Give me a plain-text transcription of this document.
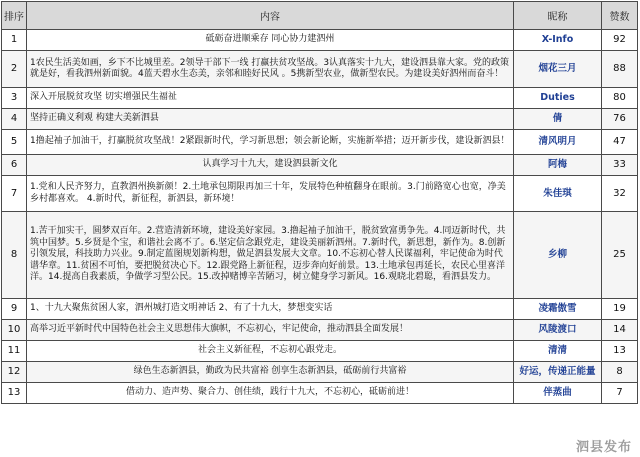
排序	内容	昵称	赞数
1	砥砺奋进顺乘存 同心协力建泗州	X-Info	92
2	1农民生活美如画，乡下不比城里差。2领导干部下一线 打赢扶贫攻坚战。3认真落实十九大，建设泗县靠大家。党的政策就是好，看我泗州新面貌。4蓝天碧水生态美，亲邻和睦好民风 。5携新型农业，做新型农民。为建设美好泗州而奋斗！	烟花三月	88
3	深入开展脱贫攻坚 切实增强民生福祉	Duties	80
4	坚持正确义利观 构建大美新泗县	倩	76
5	1撸起袖子加油干，打赢脱贫攻坚战！2紧跟新时代，学习新思想；领会新论断，实施新举措；迈开新步伐，建设新泗县！	清风明月	47
6	认真学习十九大，建设泗县新文化	阿梅	33
7	1.党和人民齐努力，直教泗州换新颜！2.土地承包期限再加三十年，发展特色种植翻身在眼前。3.门前路宽心也宽，净美乡村都喜欢。 4.新时代，新征程，新泗县，新环境！	朱佳琪	32
8	1.苦干加实干，圆梦双百年。2.营造清新环境，建设美好家园。3.撸起袖子加油干，脱贫致富勇争先。4.同迈新时代，共筑中国梦。5.乡贤是个宝，和谐社会离不了。6.坚定信念跟党走，建设美丽新泗州。7.新时代，新思想，新作为。8.创新引领发展，科技助力兴业。9.制定蓝图规划新构想，做足泗县发展大文章。10.不忘初心替人民谋福利，牢记使命为时代谱华章。11.贫困不可怕，要把脱贫决心下。12.跟党路上新征程，迈步奔向好前景。13.土地承包再延长，农民心里喜洋洋。14.提高自我素质，争做学习型公民。15.改掉赌博辛苦陋习，树立健身学习新风。16.观晓北碧聪，看泗县发力。	乡柳	25
9	1、十九大聚焦贫困人家，泗州城打造文明神话 2、有了十九大，梦想变实话	凌霜傲雪	19
10	高举习近平新时代中国特色社会主义思想伟大旗帜，不忘初心，牢记使命，推动泗县全面发展！	风陵渡口	14
11	社会主义新征程，不忘初心跟党走。	清清	13
12	绿色生态新泗县，勤政为民共富裕 创享生态新泗县，砥砺前行共富裕	好运，传递正能量	8
13	借动力、造声势、聚合力、创佳绩，践行十九大，不忘初心，砥砺前进！	伴蒸曲	7
泗县发布
